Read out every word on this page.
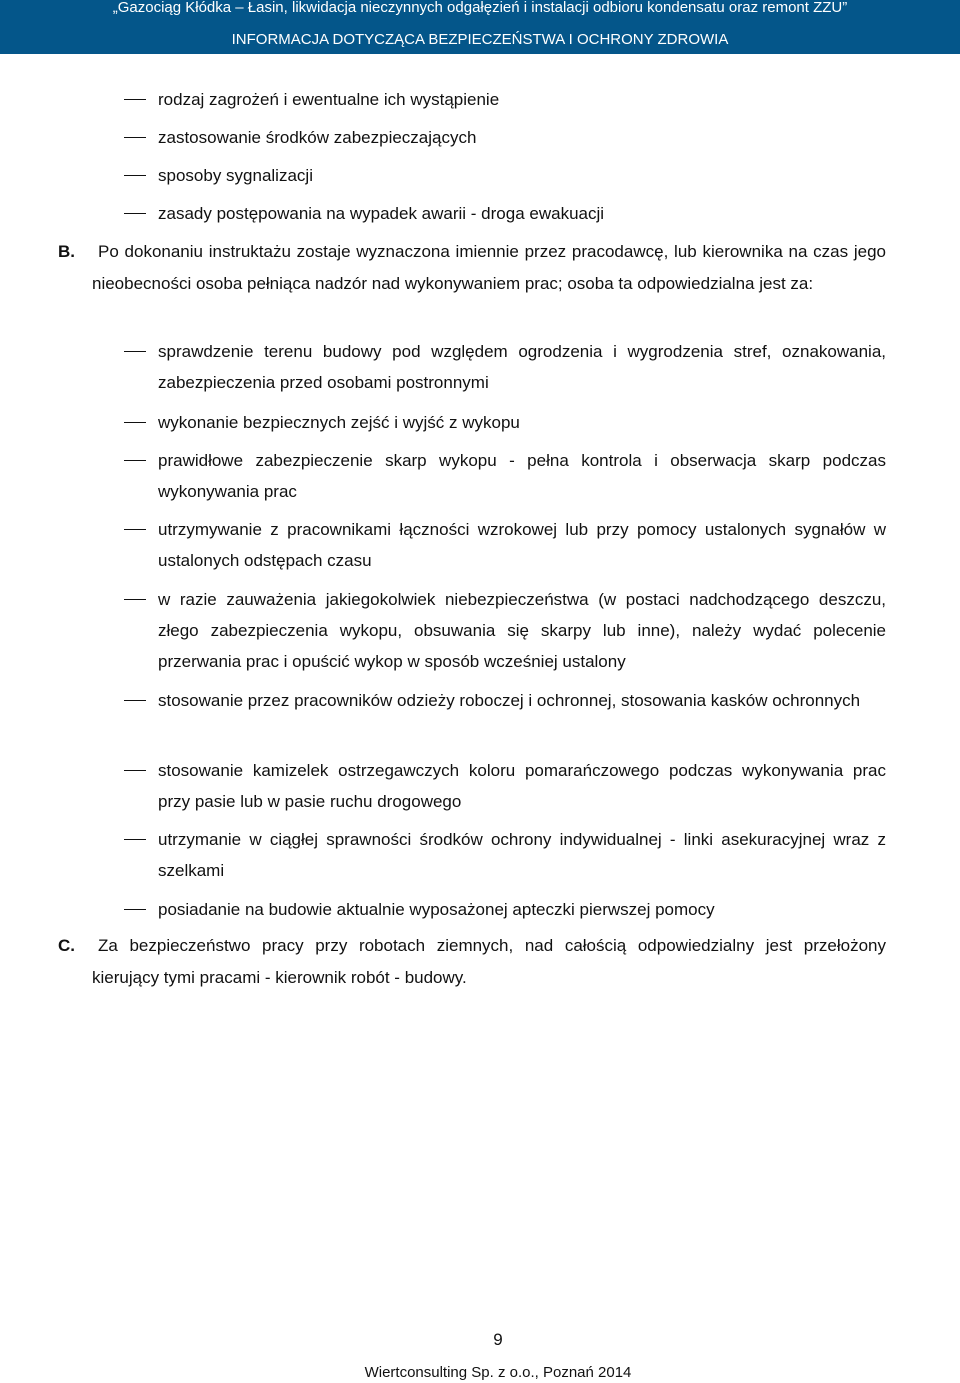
„Gazociąg Kłódka – Łasin, likwidacja nieczynnych odgałęzień i instalacji odbioru kondensatu oraz remont ZZU”
INFORMACJA DOTYCZĄCA BEZPIECZEŃSTWA I OCHRONY ZDROWIA
rodzaj zagrożeń i ewentualne ich wystąpienie
zastosowanie środków zabezpieczających
sposoby sygnalizacji
zasady postępowania na wypadek awarii - droga ewakuacji
B.	Po dokonaniu instruktażu zostaje wyznaczona imiennie przez pracodawcę, lub kierownika na czas jego nieobecności osoba pełniąca nadzór nad wykonywaniem prac; osoba ta odpowiedzialna jest za:
sprawdzenie terenu budowy pod względem ogrodzenia i wygrodzenia stref, oznakowania, zabezpieczenia przed osobami postronnymi
wykonanie bezpiecznych zejść i wyjść z wykopu
prawidłowe zabezpieczenie skarp wykopu - pełna kontrola i obserwacja skarp podczas wykonywania prac
utrzymywanie z pracownikami łączności wzrokowej lub przy pomocy ustalonych sygnałów w ustalonych odstępach czasu
w razie zauważenia jakiegokolwiek niebezpieczeństwa (w postaci nadchodzącego deszczu, złego zabezpieczenia wykopu, obsuwania się skarpy lub inne), należy wydać polecenie przerwania prac i opuścić wykop w sposób wcześniej ustalony
stosowanie przez pracowników odzieży roboczej i ochronnej, stosowania kasków ochronnych
stosowanie kamizelek ostrzegawczych koloru pomarańczowego podczas wykonywania prac przy pasie lub w pasie ruchu drogowego
utrzymanie w ciągłej sprawności środków ochrony indywidualnej - linki asekuracyjnej wraz z szelkami
posiadanie na budowie aktualnie wyposażonej apteczki pierwszej pomocy
C.	Za bezpieczeństwo pracy przy robotach ziemnych, nad całością odpowiedzialny jest przełożony kierujący tymi pracami - kierownik robót - budowy.
9
Wiertconsulting Sp. z o.o., Poznań 2014
